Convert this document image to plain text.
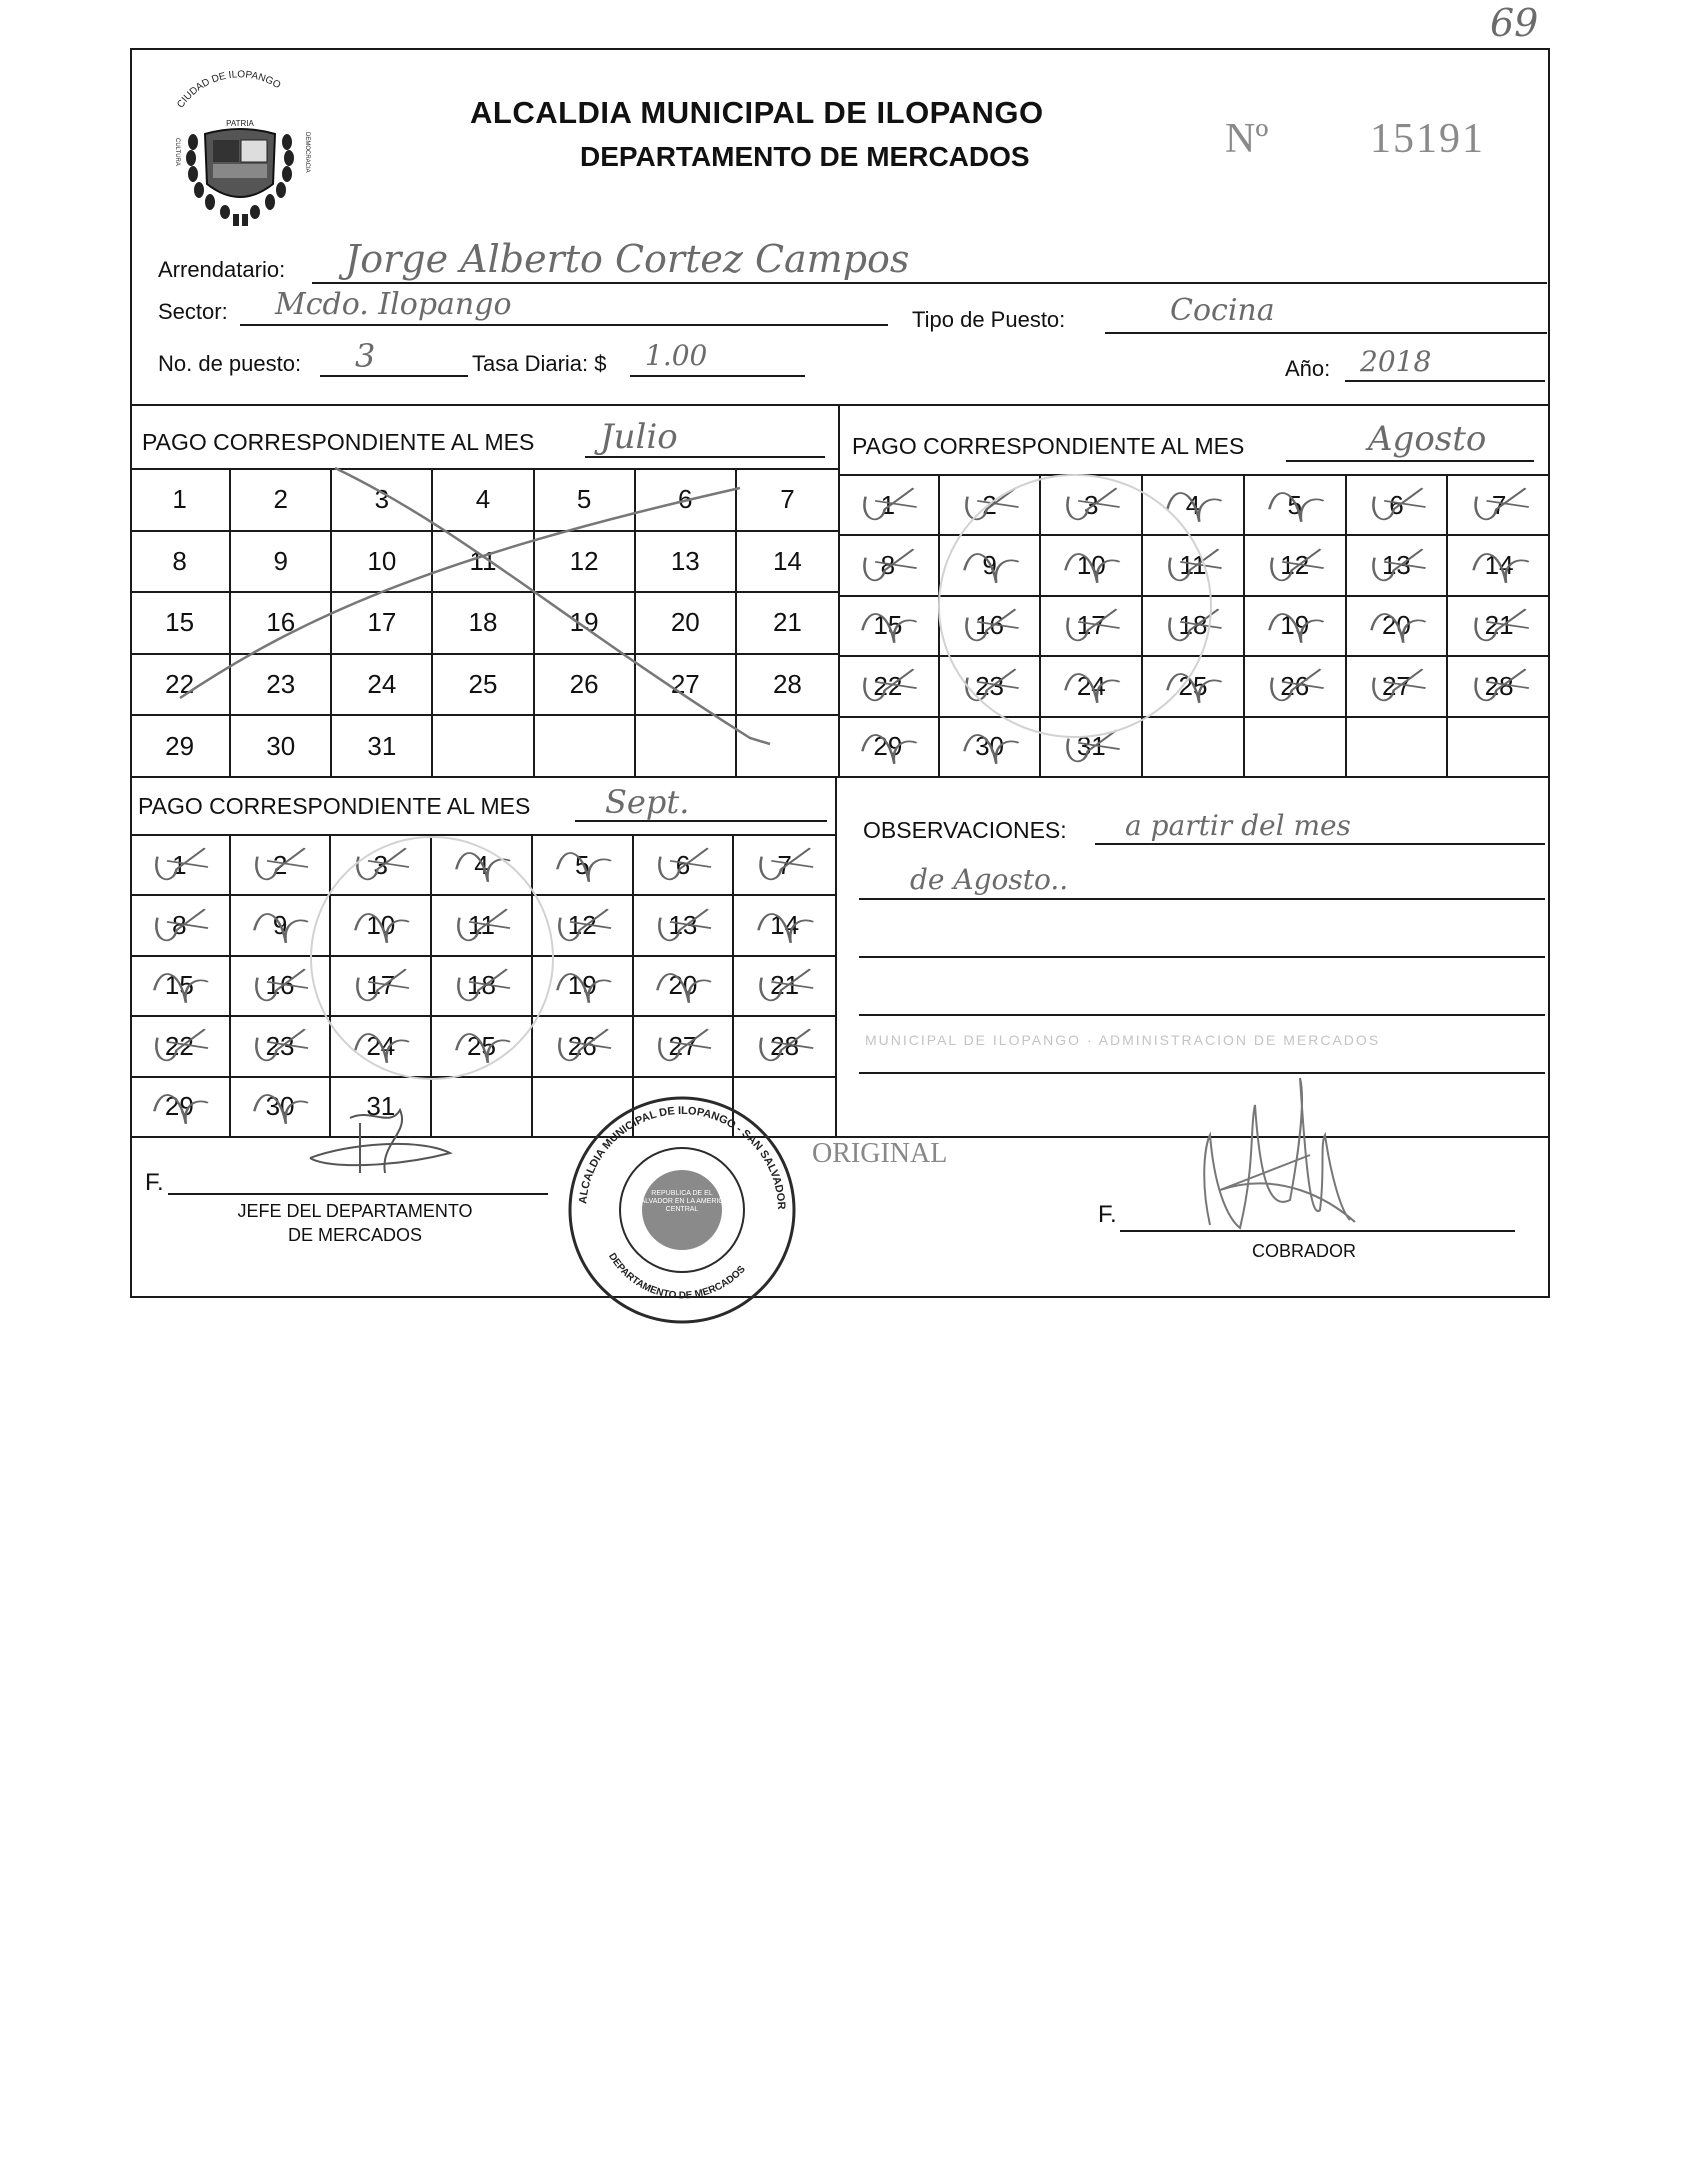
69
CIUDAD DE ILOPANGO
PATRIA
CULTURA	DEMOCRACIA
ALCALDIA MUNICIPAL DE ILOPANGO
DEPARTAMENTO DE MERCADOS	Nº 15191
Arrendatario: Jorge Alberto Cortez Campos
Sector: Mcdo. Ilopango	Tipo de Puesto:	Cocina
No. de puesto: 3	Tasa Diaria: $ 1.00	Año: 2018
PAGO CORRESPONDIENTE AL MES Julio
1	2	3	4	5	6	7
8	9	10	11	12	13	14
15	16	17	18	19	20	21
22	23	24	25	26	27	28
29	30	31
PAGO CORRESPONDIENTE AL MES	Agosto
1	2	3	4	5	6	7
8	9	10	11	12	13	14
15	16	17	18	19	20	21
22	23	24	25	26	27	28
29	30	31
PAGO CORRESPONDIENTE AL MES Sept.
1	2	3	4	5	6	7
8	9	10	11	12	13	14
15	16	17	18	19	20	21
22	23	24	25	26	27	28
29	30	31
OBSERVACIONES: a partir del mes
de Agosto..
MUNICIPAL DE ILOPANGO · ADMINISTRACION DE MERCADOS
F.
JEFE DEL DEPARTAMENTO
DE MERCADOS
ALCALDIA MUNICIPAL DE ILOPANGO - SAN SALVADOR
DEPARTAMENTO DE MERCADOS
REPUBLICA DE EL SALVADOR EN LA AMERICA CENTRAL
ORIGINAL
F.
COBRADOR
